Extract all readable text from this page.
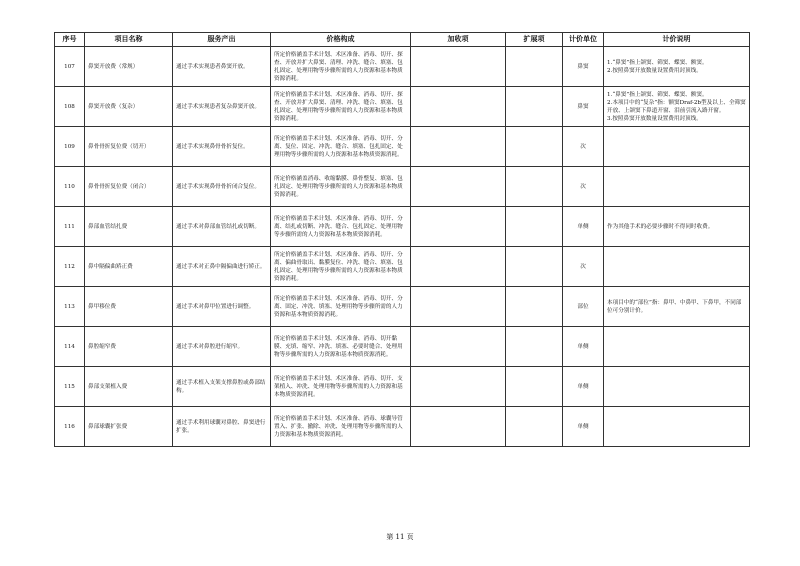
序号	项目名称	服务产出	价格构成	加收项	扩展项	计价单位	计价说明
107	鼻窦开放费（常规）	通过手术实现患者鼻窦开放。	所定价格涵盖手术计划、术区准备、消毒、切开、探查、开放并扩大鼻窦、清理、冲洗、缝合、填塞、包扎固定、处理用物等步骤所需的人力资源和基本物质资源消耗。			鼻窦	1.“鼻窦”指上颌窦、筛窦、蝶窦、额窦。
2.按照鼻窦开放数量设置费用封顶线。

108	鼻窦开放费（复杂）	通过手术实现患者复杂鼻窦开放。	所定价格涵盖手术计划、术区准备、消毒、切开、探查、开放并扩大鼻窦、清理、冲洗、缝合、填塞、包扎固定、处理用物等步骤所需的人力资源和基本物质资源消耗。			鼻窦	1.“鼻窦”指上颌窦、筛窦、蝶窦、额窦。
2.本项目中的“复杂”指：额窦Draf-2b型及以上、全筛窦开放、上颌窦下鼻道开窗、泪前引流入路开窗。
3.按照鼻窦开放数量设置费用封顶线。

109	鼻骨骨折复位费（切开）	通过手术实现鼻骨骨折复位。	所定价格涵盖手术计划、术区准备、消毒、切开、分离、复位、固定、冲洗、缝合、填塞、包扎固定、处理用物等步骤所需的人力资源和基本物质资源消耗。			次	
110	鼻骨骨折复位费（闭合）	通过手术实现鼻骨骨折闭合复位。	所定价格涵盖消毒、收缩黏膜、鼻骨整复、填塞、包扎固定、处理用物等步骤所需的人力资源和基本物质资源消耗。			次	
111	鼻部血管结扎费	通过手术对鼻部血管结扎或切断。	所定价格涵盖手术计划、术区准备、消毒、切开、分离、结扎或切断、冲洗、缝合、包扎固定、处理用物等步骤所需的人力资源和基本物质资源消耗。			单侧	作为其他手术的必要步骤时不得同时收费。

112	鼻中隔偏曲矫正费	通过手术对正鼻中隔偏曲进行矫正。	所定价格涵盖手术计划、术区准备、消毒、切开、分离、偏曲骨取出、黏膜复位、冲洗、缝合、填塞、包扎固定、处理用物等步骤所需的人力资源和基本物质资源消耗。			次	
113	鼻甲移位费	通过手术对鼻甲位置进行调整。	所定价格涵盖手术计划、术区准备、消毒、切开、分离、固定、冲洗、填塞、处理用物等步骤所需的人力资源和基本物质资源消耗。			部位	本项目中的“部位”指：鼻甲、中鼻甲、下鼻甲，不同部位可分别计价。

114	鼻腔缩窄费	通过手术对鼻腔进行缩窄。	所定价格涵盖手术计划、术区准备、消毒、切开黏膜、充填、缩窄、冲洗、填塞、必要时缝合、处理用物等步骤所需的人力资源和基本物质资源消耗。			单侧	
115	鼻部支架植入费	通过手术植入支架支撑鼻腔或鼻部结构。	所定价格涵盖手术计划、术区准备、消毒、切开、支架植入、冲洗、处理用物等步骤所需的人力资源和基本物质资源消耗。			单侧	
116	鼻部球囊扩张费	通过手术利用球囊对鼻腔、鼻窦进行扩张。	所定价格涵盖手术计划、术区准备、消毒、球囊导管置入、扩张、撤除、冲洗、处理用物等步骤所需的人力资源和基本物质资源消耗。			单侧	
第 11 页
